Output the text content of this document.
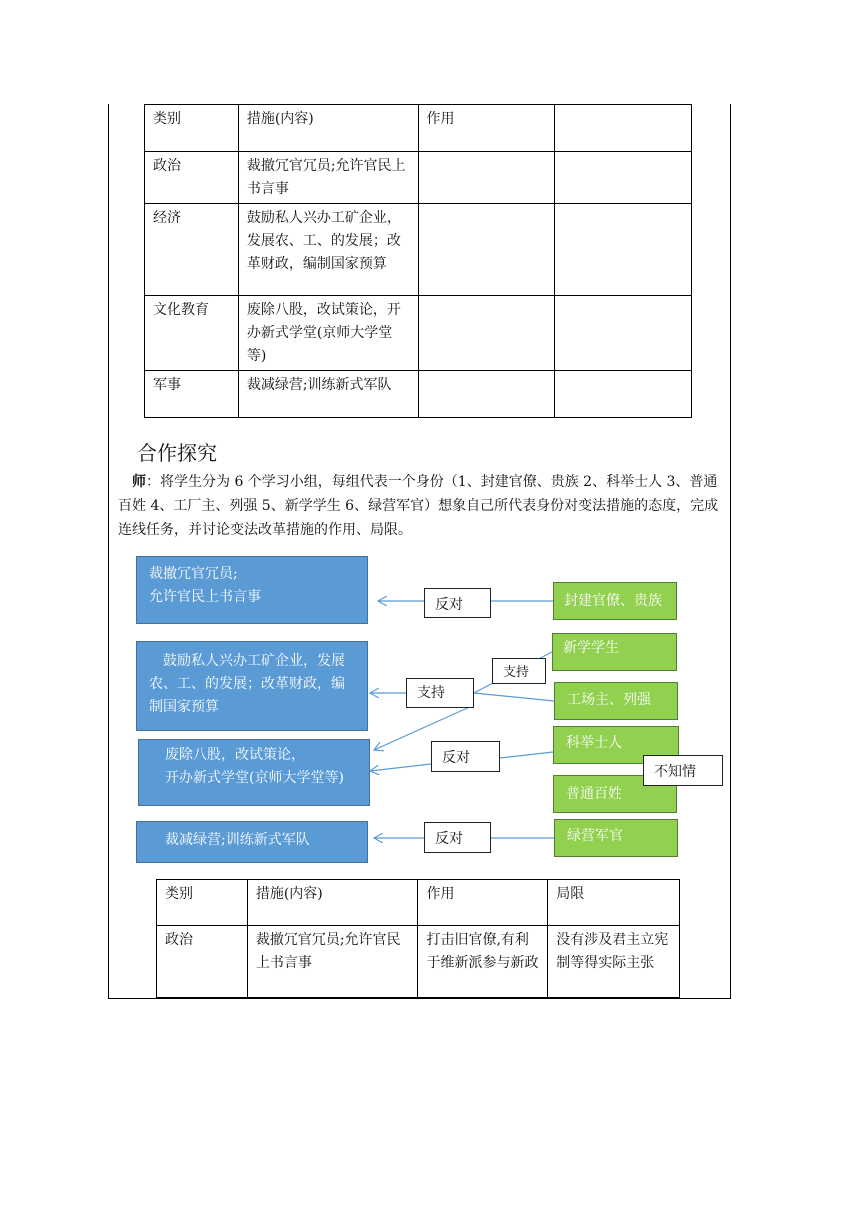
类别	措施(内容)	作用	
政治	裁撤冗官冗员;允许官民上书言事		
经济	鼓励私人兴办工矿企业，发展农、工、的发展；改革财政，编制国家预算		
文化教育	废除八股，改试策论，开办新式学堂(京师大学堂等)		
军事	裁减绿营;训练新式军队		
合作探究
师：将学生分为 6 个学习小组，每组代表一个身份（1、封建官僚、贵族 2、科举士人 3、普通百姓 4、工厂主、列强 5、新学学生 6、绿营军官）想象自己所代表身份对变法措施的态度，完成连线任务，并讨论变法改革措施的作用、局限。
裁撤冗官冗员;
允许官民上书言事
鼓励私人兴办工矿企业，发展农、工、的发展；改革财政，编制国家预算
废除八股，改试策论，
开办新式学堂(京师大学堂等)
裁减绿营;训练新式军队
封建官僚、贵族
新学学生
工场主、列强
科举士人
普通百姓
绿营军官
反对
支持
支持
反对
不知情
反对
类别	措施(内容)	作用	局限
政治	裁撤冗官冗员;允许官民上书言事	打击旧官僚,有利于维新派参与新政	没有涉及君主立宪制等得实际主张
